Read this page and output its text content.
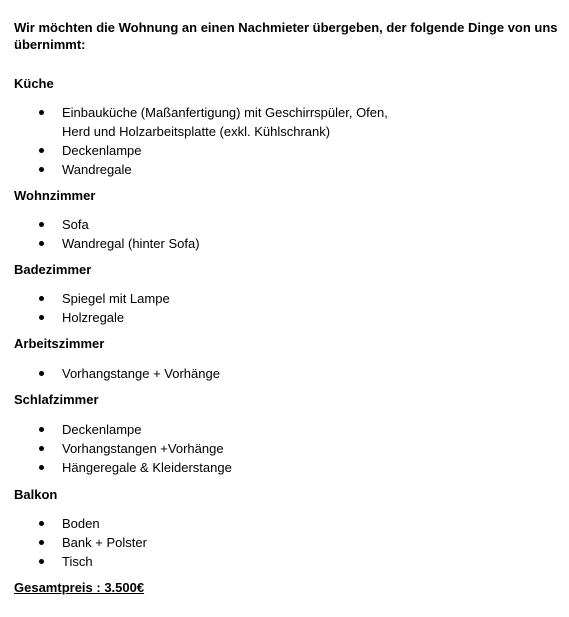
Wir möchten die Wohnung an einen Nachmieter übergeben, der folgende Dinge von uns übernimmt:

Küche

Einbauküche (Maßanfertigung) mit Geschirrspüler, Ofen,
Herd und Holzarbeitsplatte (exkl. Kühlschrank)
Deckenlampe
Wandregale

Wohnzimmer

Sofa
Wandregal (hinter Sofa)

Badezimmer

Spiegel mit Lampe
Holzregale

Arbeitszimmer

Vorhangstange + Vorhänge

Schlafzimmer

Deckenlampe
Vorhangstangen +Vorhänge
Hängeregale & Kleiderstange

Balkon

Boden
Bank + Polster
Tisch

Gesamtpreis : 3.500€
